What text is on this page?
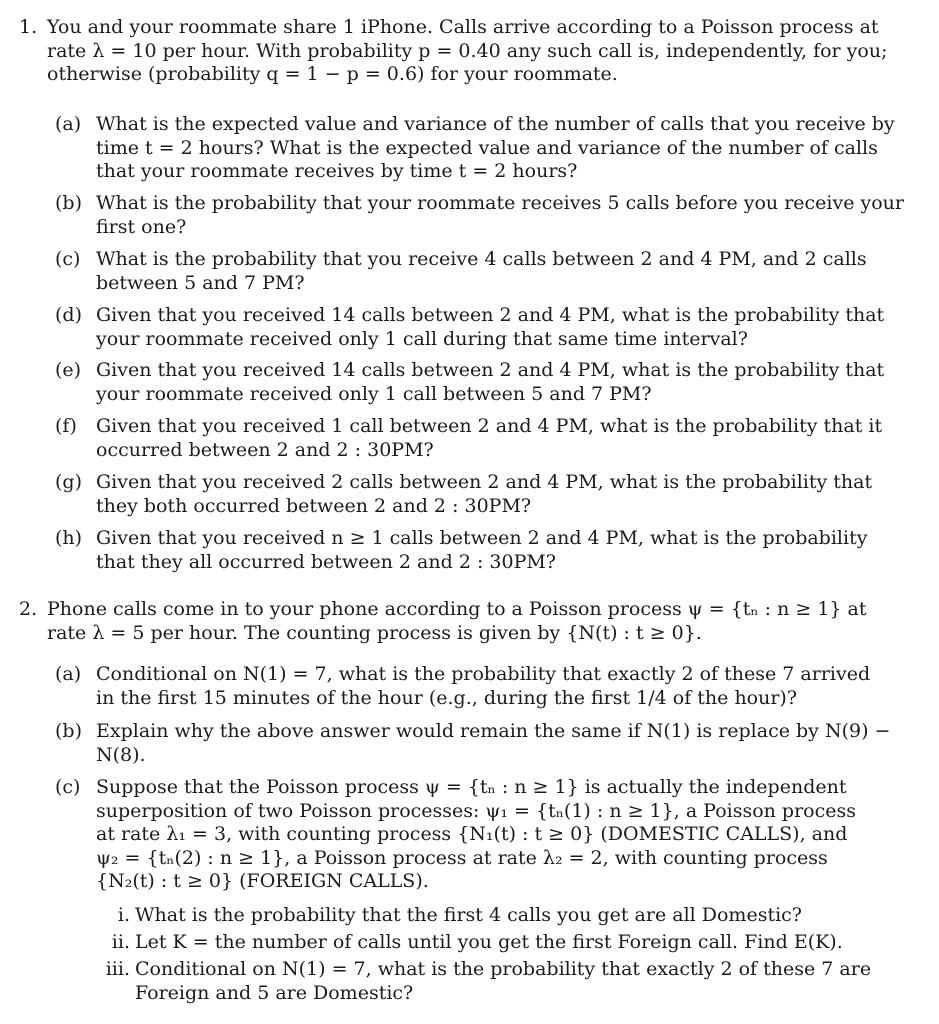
1. You and your roommate share 1 iPhone. Calls arrive according to a Poisson process at
rate λ = 10 per hour. With probability p = 0.40 any such call is, independently, for you;
otherwise (probability q = 1 − p = 0.6) for your roommate.
(a) What is the expected value and variance of the number of calls that you receive by
time t = 2 hours? What is the expected value and variance of the number of calls
that your roommate receives by time t = 2 hours?
(b) What is the probability that your roommate receives 5 calls before you receive your
first one?
(c) What is the probability that you receive 4 calls between 2 and 4 PM, and 2 calls
between 5 and 7 PM?
(d) Given that you received 14 calls between 2 and 4 PM, what is the probability that
your roommate received only 1 call during that same time interval?
(e) Given that you received 14 calls between 2 and 4 PM, what is the probability that
your roommate received only 1 call between 5 and 7 PM?
(f) Given that you received 1 call between 2 and 4 PM, what is the probability that it
occurred between 2 and 2 : 30PM?
(g) Given that you received 2 calls between 2 and 4 PM, what is the probability that
they both occurred between 2 and 2 : 30PM?
(h) Given that you received n ≥ 1 calls between 2 and 4 PM, what is the probability
that they all occurred between 2 and 2 : 30PM?
2. Phone calls come in to your phone according to a Poisson process ψ = {tₙ : n ≥ 1} at
rate λ = 5 per hour. The counting process is given by {N(t) : t ≥ 0}.
(a) Conditional on N(1) = 7, what is the probability that exactly 2 of these 7 arrived
in the first 15 minutes of the hour (e.g., during the first 1/4 of the hour)?
(b) Explain why the above answer would remain the same if N(1) is replace by N(9) −
N(8).
(c) Suppose that the Poisson process ψ = {tₙ : n ≥ 1} is actually the independent
superposition of two Poisson processes: ψ₁ = {tₙ(1) : n ≥ 1}, a Poisson process
at rate λ₁ = 3, with counting process {N₁(t) : t ≥ 0} (DOMESTIC CALLS), and
ψ₂ = {tₙ(2) : n ≥ 1}, a Poisson process at rate λ₂ = 2, with counting process
{N₂(t) : t ≥ 0} (FOREIGN CALLS).
i. What is the probability that the first 4 calls you get are all Domestic?
ii. Let K = the number of calls until you get the first Foreign call. Find E(K).
iii. Conditional on N(1) = 7, what is the probability that exactly 2 of these 7 are
Foreign and 5 are Domestic?
